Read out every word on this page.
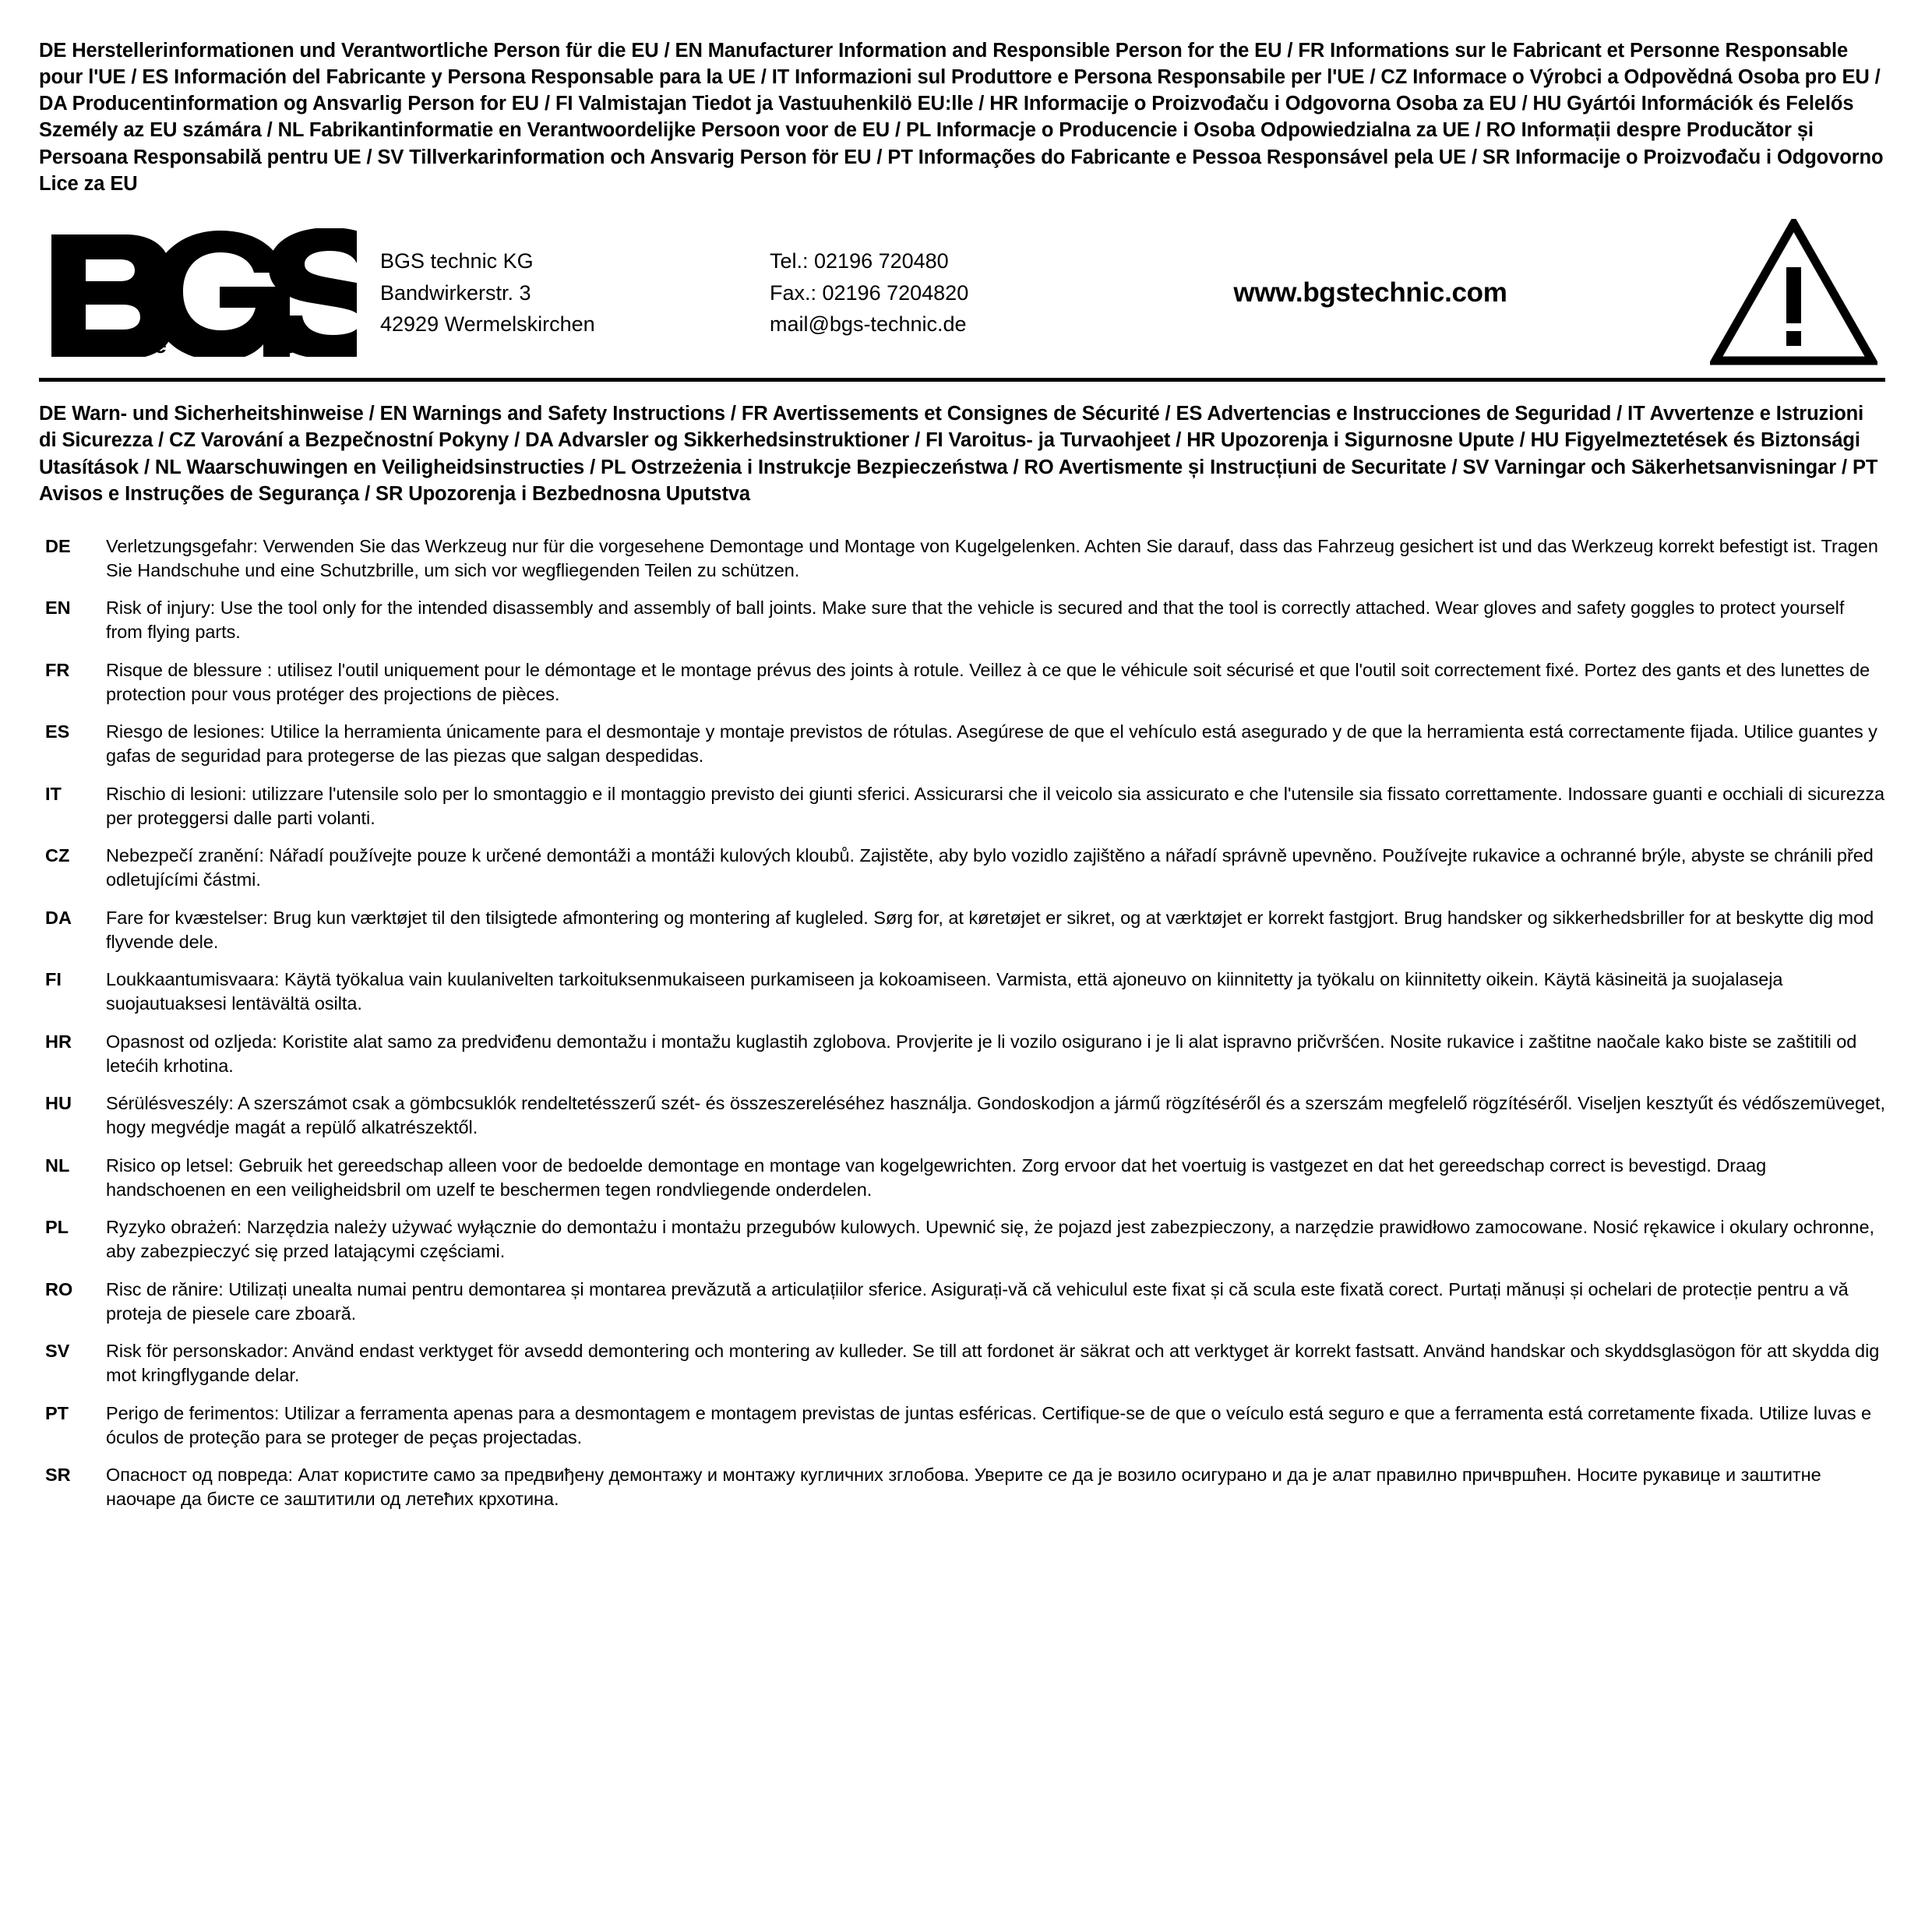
DE Herstellerinformationen und Verantwortliche Person für die EU / EN Manufacturer Information and Responsible Person for the EU / FR Informations sur le Fabricant et Personne Responsable pour l'UE / ES Información del Fabricante y Persona Responsable para la UE / IT Informazioni sul Produttore e Persona Responsabile per l'UE / CZ Informace o Výrobci a Odpovědná Osoba pro EU / DA Producentinformation og Ansvarlig Person for EU / FI Valmistajan Tiedot ja Vastuuhenkilö EU:lle / HR Informacije o Proizvođaču i Odgovorna Osoba za EU / HU Gyártói Információk és Felelős Személy az EU számára / NL Fabrikantinformatie en Verantwoordelijke Persoon voor de EU / PL Informacje o Producencie i Osoba Odpowiedzialna za UE / RO Informații despre Producător și Persoana Responsabilă pentru UE / SV Tillverkarinformation och Ansvarig Person för EU / PT Informações do Fabricante e Pessoa Responsável pela UE / SR Informacije o Proizvođaču i Odgovorno Lice za EU
R
t e c h n i c
BGS technic KG
Bandwirkerstr. 3
42929 Wermelskirchen
Tel.: 02196 720480
Fax.: 02196 7204820
mail@bgs-technic.de
www.bgstechnic.com
DE Warn- und Sicherheitshinweise / EN Warnings and Safety Instructions / FR Avertissements et Consignes de Sécurité / ES Advertencias e Instrucciones de Seguridad / IT Avvertenze e Istruzioni di Sicurezza / CZ Varování a Bezpečnostní Pokyny / DA Advarsler og Sikkerhedsinstruktioner / FI Varoitus- ja Turvaohjeet / HR Upozorenja i Sigurnosne Upute / HU Figyelmeztetések és Biztonsági Utasítások / NL Waarschuwingen en Veiligheidsinstructies / PL Ostrzeżenia i Instrukcje Bezpieczeństwa / RO Avertismente și Instrucțiuni de Securitate / SV Varningar och Säkerhetsanvisningar / PT Avisos e Instruções de Segurança / SR Upozorenja i Bezbednosna Uputstva
DE	Verletzungsgefahr: Verwenden Sie das Werkzeug nur für die vorgesehene Demontage und Montage von Kugelgelenken. Achten Sie darauf, dass das Fahrzeug gesichert ist und das Werkzeug korrekt befestigt ist. Tragen Sie Handschuhe und eine Schutzbrille, um sich vor wegfliegenden Teilen zu schützen.
EN	Risk of injury: Use the tool only for the intended disassembly and assembly of ball joints. Make sure that the vehicle is secured and that the tool is correctly attached. Wear gloves and safety goggles to protect yourself from flying parts.
FR	Risque de blessure : utilisez l'outil uniquement pour le démontage et le montage prévus des joints à rotule. Veillez à ce que le véhicule soit sécurisé et que l'outil soit correctement fixé. Portez des gants et des lunettes de protection pour vous protéger des projections de pièces.
ES	Riesgo de lesiones: Utilice la herramienta únicamente para el desmontaje y montaje previstos de rótulas. Asegúrese de que el vehículo está asegurado y de que la herramienta está correctamente fijada. Utilice guantes y gafas de seguridad para protegerse de las piezas que salgan despedidas.
IT	Rischio di lesioni: utilizzare l'utensile solo per lo smontaggio e il montaggio previsto dei giunti sferici. Assicurarsi che il veicolo sia assicurato e che l'utensile sia fissato correttamente. Indossare guanti e occhiali di sicurezza per proteggersi dalle parti volanti.
CZ	Nebezpečí zranění: Nářadí používejte pouze k určené demontáži a montáži kulových kloubů. Zajistěte, aby bylo vozidlo zajištěno a nářadí správně upevněno. Používejte rukavice a ochranné brýle, abyste se chránili před odletujícími částmi.
DA	Fare for kvæstelser: Brug kun værktøjet til den tilsigtede afmontering og montering af kugleled. Sørg for, at køretøjet er sikret, og at værktøjet er korrekt fastgjort. Brug handsker og sikkerhedsbriller for at beskytte dig mod flyvende dele.
FI	Loukkaantumisvaara: Käytä työkalua vain kuulanivelten tarkoituksenmukaiseen purkamiseen ja kokoamiseen. Varmista, että ajoneuvo on kiinnitetty ja työkalu on kiinnitetty oikein. Käytä käsineitä ja suojalaseja suojautuaksesi lentävältä osilta.
HR	Opasnost od ozljeda: Koristite alat samo za predviđenu demontažu i montažu kuglastih zglobova. Provjerite je li vozilo osigurano i je li alat ispravno pričvršćen. Nosite rukavice i zaštitne naočale kako biste se zaštitili od letećih krhotina.
HU	Sérülésveszély: A szerszámot csak a gömbcsuklók rendeltetésszerű szét- és összeszereléséhez használja. Gondoskodjon a jármű rögzítéséről és a szerszám megfelelő rögzítéséről. Viseljen kesztyűt és védőszemüveget, hogy megvédje magát a repülő alkatrészektől.
NL	Risico op letsel: Gebruik het gereedschap alleen voor de bedoelde demontage en montage van kogelgewrichten. Zorg ervoor dat het voertuig is vastgezet en dat het gereedschap correct is bevestigd. Draag handschoenen en een veiligheidsbril om uzelf te beschermen tegen rondvliegende onderdelen.
PL	Ryzyko obrażeń: Narzędzia należy używać wyłącznie do demontażu i montażu przegubów kulowych. Upewnić się, że pojazd jest zabezpieczony, a narzędzie prawidłowo zamocowane. Nosić rękawice i okulary ochronne, aby zabezpieczyć się przed latającymi częściami.
RO	Risc de rănire: Utilizați unealta numai pentru demontarea și montarea prevăzută a articulațiilor sferice. Asigurați-vă că vehiculul este fixat și că scula este fixată corect. Purtați mănuși și ochelari de protecție pentru a vă proteja de piesele care zboară.
SV	Risk för personskador: Använd endast verktyget för avsedd demontering och montering av kulleder. Se till att fordonet är säkrat och att verktyget är korrekt fastsatt. Använd handskar och skyddsglasögon för att skydda dig mot kringflygande delar.
PT	Perigo de ferimentos: Utilizar a ferramenta apenas para a desmontagem e montagem previstas de juntas esféricas. Certifique-se de que o veículo está seguro e que a ferramenta está corretamente fixada. Utilize luvas e óculos de proteção para se proteger de peças projectadas.
SR	Опасност од повреда: Алат користите само за предвиђену демонтажу и монтажу кугличних зглобова. Уверите се да је возило осигурано и да је алат правилно причвршћен. Носите рукавице и заштитне наочаре да бисте се заштитили од летећих крхотина.
